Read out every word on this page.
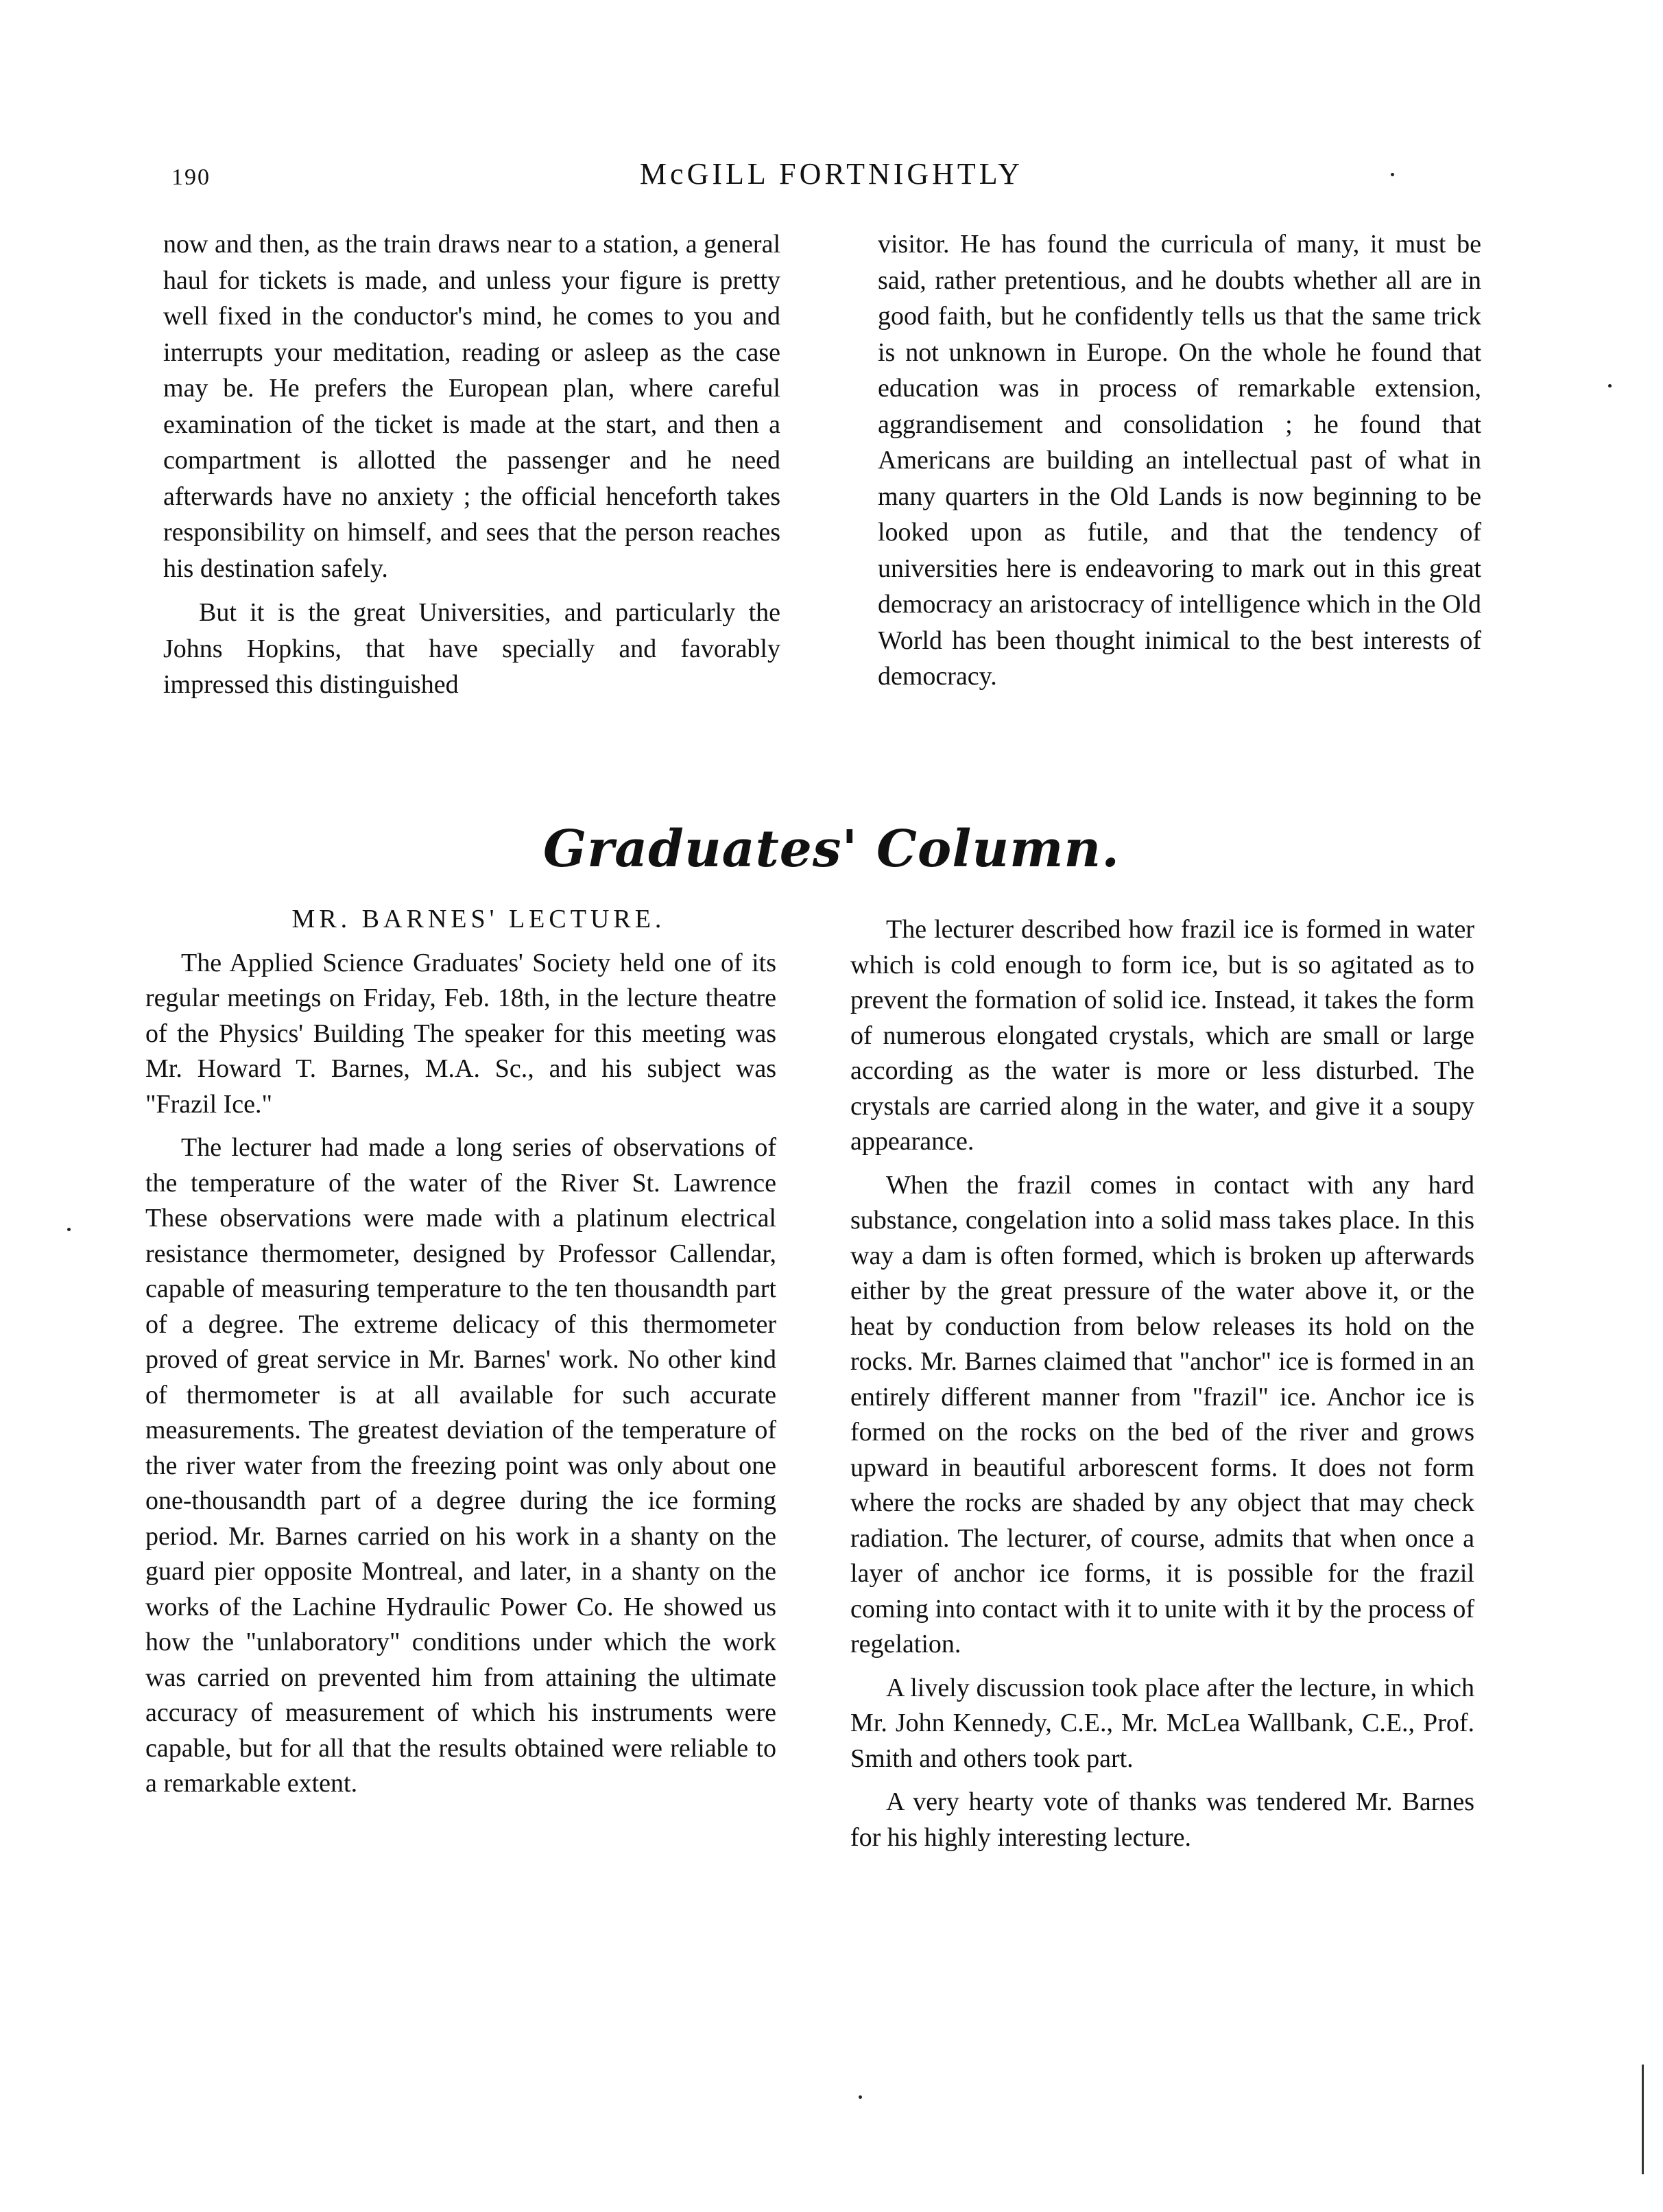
190	McGILL FORTNIGHTLY

now and then, as the train draws near to a station, a general haul for tickets is made, and unless your figure is pretty well fixed in the conductor's mind, he comes to you and interrupts your meditation, reading or asleep as the case may be. He prefers the European plan, where careful examination of the ticket is made at the start, and then a compartment is allotted the passenger and he need afterwards have no anxiety ; the official henceforth takes responsibility on himself, and sees that the person reaches his destination safely.

But it is the great Universities, and particularly the Johns Hopkins, that have specially and favorably impressed this distinguished

visitor. He has found the curricula of many, it must be said, rather pretentious, and he doubts whether all are in good faith, but he confidently tells us that the same trick is not unknown in Europe. On the whole he found that education was in process of remarkable extension, aggrandisement and consolidation ; he found that Americans are building an intellectual past of what in many quarters in the Old Lands is now beginning to be looked upon as futile, and that the tendency of universities here is endeavoring to mark out in this great democracy an aristocracy of intelligence which in the Old World has been thought inimical to the best interests of democracy.

Graduates' Column.

MR. BARNES' LECTURE.

The Applied Science Graduates' Society held one of its regular meetings on Friday, Feb. 18th, in the lecture theatre of the Physics' Building The speaker for this meeting was Mr. Howard T. Barnes, M.A. Sc., and his subject was "Frazil Ice."

The lecturer had made a long series of observations of the temperature of the water of the River St. Lawrence These observations were made with a platinum electrical resistance thermometer, designed by Professor Callendar, capable of measuring temperature to the ten thousandth part of a degree. The extreme delicacy of this thermometer proved of great service in Mr. Barnes' work. No other kind of thermometer is at all available for such accurate measurements. The greatest deviation of the temperature of the river water from the freezing point was only about one one-thousandth part of a degree during the ice forming period. Mr. Barnes carried on his work in a shanty on the guard pier opposite Montreal, and later, in a shanty on the works of the Lachine Hydraulic Power Co. He showed us how the "unlaboratory" conditions under which the work was carried on prevented him from attaining the ultimate accuracy of measurement of which his instruments were capable, but for all that the results obtained were reliable to a remarkable extent.

The lecturer described how frazil ice is formed in water which is cold enough to form ice, but is so agitated as to prevent the formation of solid ice. Instead, it takes the form of numerous elongated crystals, which are small or large according as the water is more or less disturbed. The crystals are carried along in the water, and give it a soupy appearance.

When the frazil comes in contact with any hard substance, congelation into a solid mass takes place. In this way a dam is often formed, which is broken up afterwards either by the great pressure of the water above it, or the heat by conduction from below releases its hold on the rocks. Mr. Barnes claimed that "anchor" ice is formed in an entirely different manner from "frazil" ice. Anchor ice is formed on the rocks on the bed of the river and grows upward in beautiful arborescent forms. It does not form where the rocks are shaded by any object that may check radiation. The lecturer, of course, admits that when once a layer of anchor ice forms, it is possible for the frazil coming into contact with it to unite with it by the process of regelation.

A lively discussion took place after the lecture, in which Mr. John Kennedy, C.E., Mr. McLea Wallbank, C.E., Prof. Smith and others took part.

A very hearty vote of thanks was tendered Mr. Barnes for his highly interesting lecture.
